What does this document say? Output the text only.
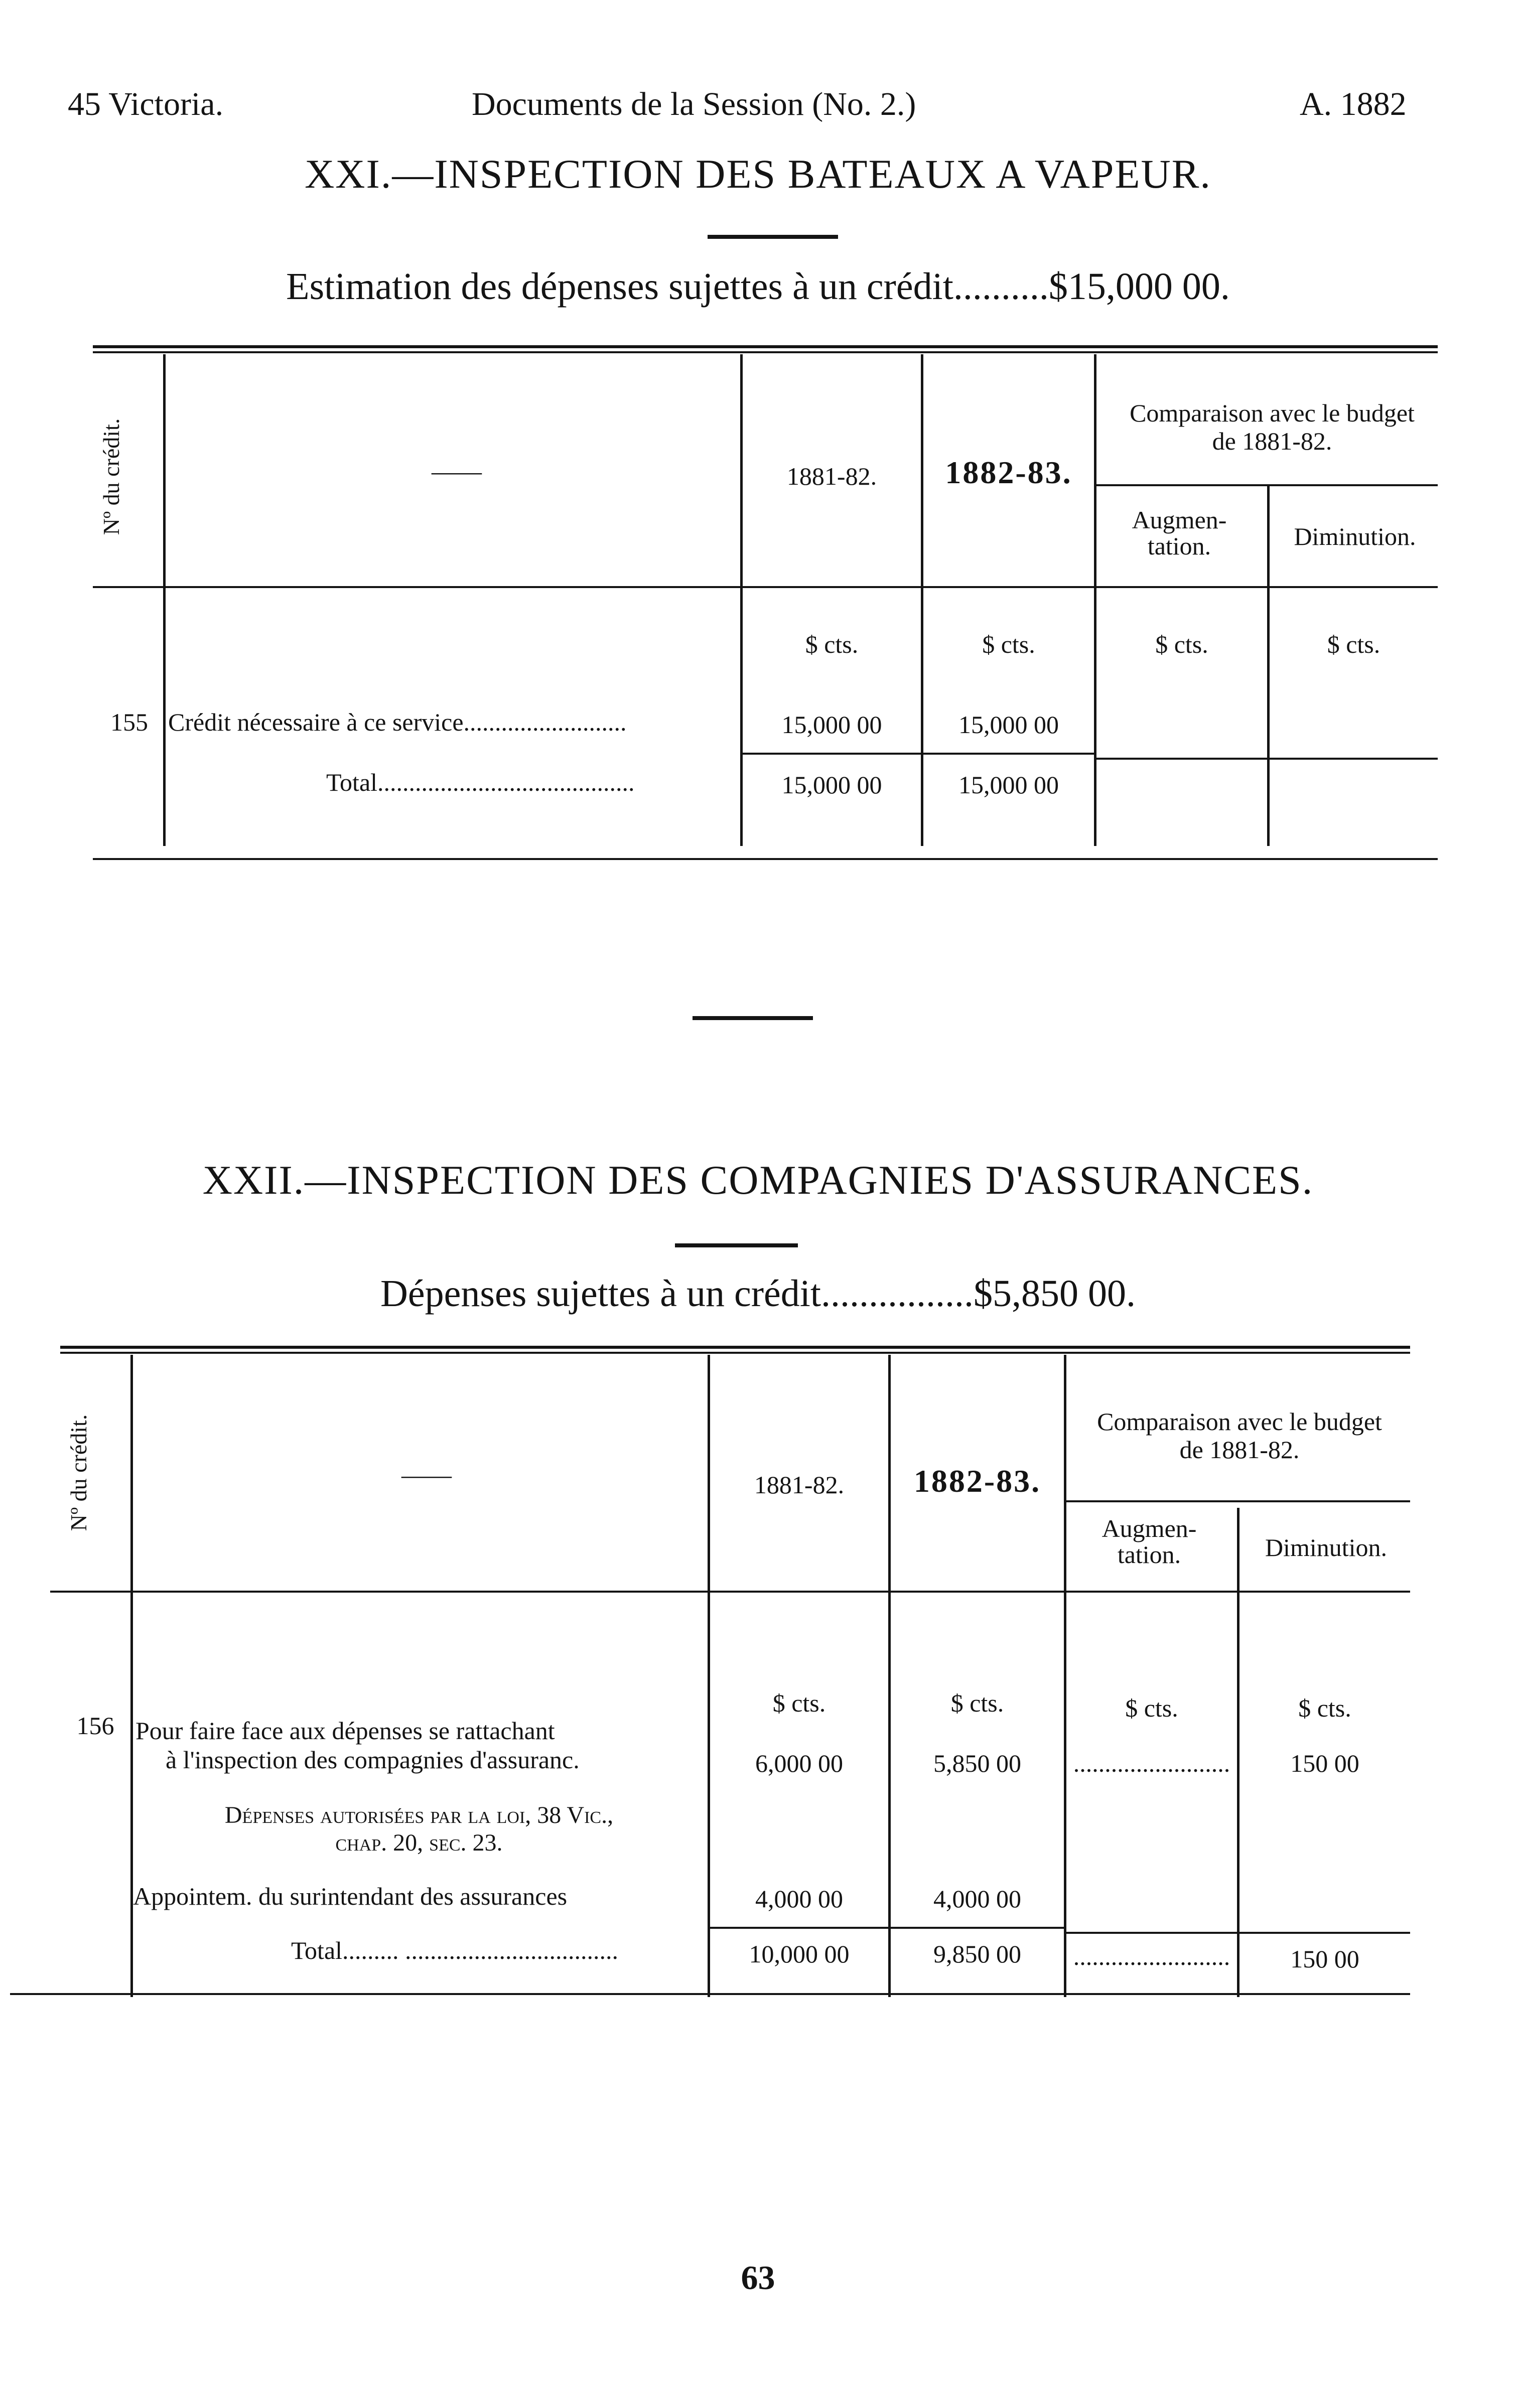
45 Victoria.	Documents de la Session (No. 2.)	A. 1882
XXI.—INSPECTION DES BATEAUX A VAPEUR.
Estimation des dépenses sujettes à un crédit..........$15,000 00.
Nº du crédit.	——	1881-82.	1882-83.
Comparaison avec le budget de 1881-82.
Augmen- tation.	Diminution.
$ cts.	$ cts.	$ cts.	$ cts.
155 Crédit nécessaire à ce service..........................	15,000 00	15,000 00
Total.........................................	15,000 00	15,000 00
XXII.—INSPECTION DES COMPAGNIES D'ASSURANCES.
Dépenses sujettes à un crédit................$5,850 00.
Nº du crédit.	——	1881-82.	1882-83.
Comparaison avec le budget de 1881-82.
Augmen- tation.	Diminution.
$ cts.	$ cts.	$ cts.	$ cts.
156 Pour faire face aux dépenses se rattachant
à l'inspection des compagnies d'assuranc.	6,000 00	5,850 00	.........................	150 00
Dépenses autorisées par la loi, 38 Vic.,
chap. 20, sec. 23.
Appointem. du surintendant des assurances	4,000 00	4,000 00
Total......... ..................................	10,000 00	9,850 00	.........................	150 00
63
